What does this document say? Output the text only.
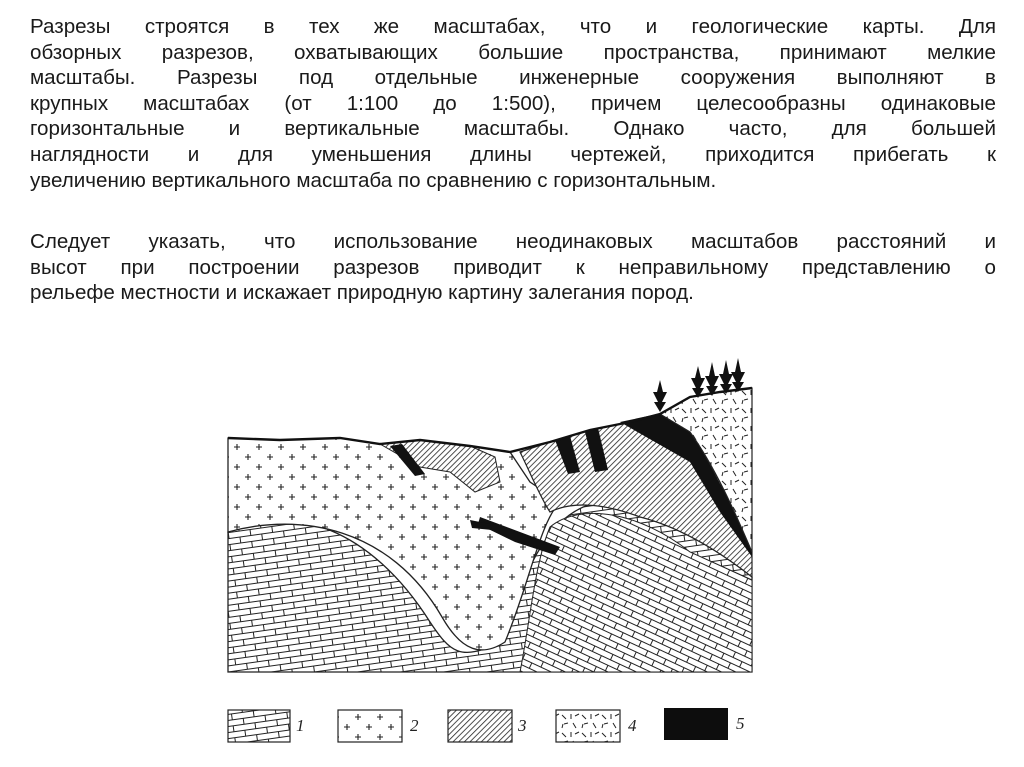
Разрезы строятся в тех же масштабах, что и геологические карты. Для
обзорных разрезов, охватывающих большие пространства, принимают мелкие
масштабы. Разрезы под отдельные инженерные сооружения выполняют в
крупных масштабах (от 1:100 до 1:500), причем целесообразны одинаковые
горизонтальные и вертикальные масштабы. Однако часто, для большей
наглядности и для уменьшения длины чертежей, приходится прибегать к
увеличению вертикального масштаба по сравнению с горизонтальным.
Следует указать, что использование неодинаковых масштабов расстояний и
высот при построении разрезов приводит к неправильному представлению о
рельефе местности и искажает природную картину залегания пород.
1	2	3	4	5
